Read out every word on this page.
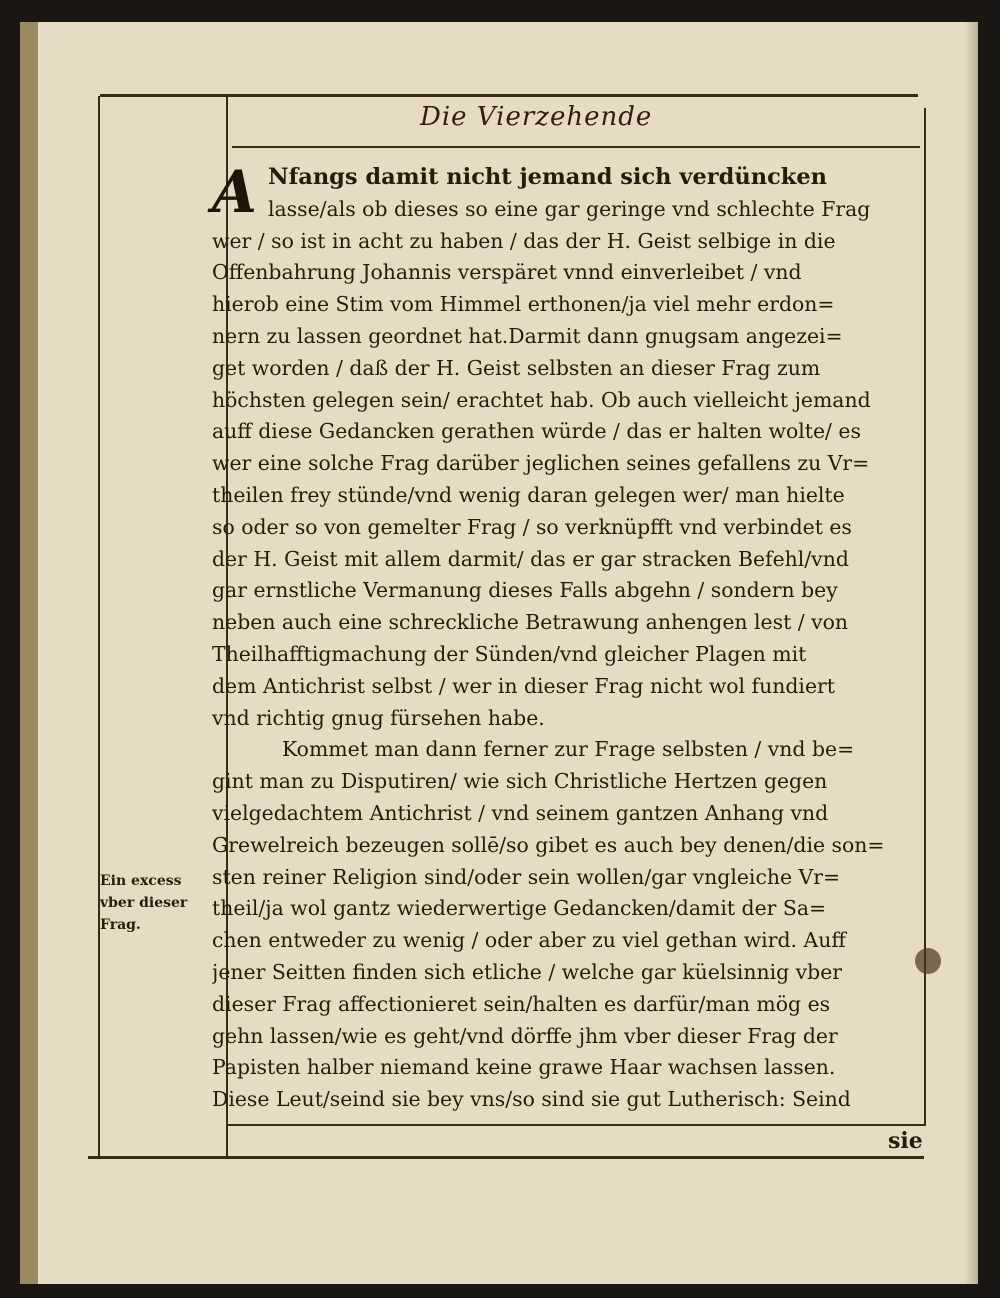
Die Vierzehende
A Nfangs damit nicht jemand sich verdüncken
lasse/als ob dieses so eine gar geringe vnd schlechte Frag
wer / so ist in acht zu haben / das der H. Geist selbige in die
Offenbahrung Johannis verspäret vnnd einverleibet / vnd
hierob eine Stim vom Himmel erthonen/ja viel mehr erdon=
nern zu lassen geordnet hat.Darmit dann gnugsam angezei=
get worden / daß der H. Geist selbsten an dieser Frag zum
höchsten gelegen sein/ erachtet hab. Ob auch vielleicht jemand
auff diese Gedancken gerathen würde / das er halten wolte/ es
wer eine solche Frag darüber jeglichen seines gefallens zu Vr=
theilen frey stünde/vnd wenig daran gelegen wer/ man hielte
so oder so von gemelter Frag / so verknüpfft vnd verbindet es
der H. Geist mit allem darmit/ das er gar stracken Befehl/vnd
gar ernstliche Vermanung dieses Falls abgehn / sondern bey
neben auch eine schreckliche Betrawung anhengen lest / von
Theilhafftigmachung der Sünden/vnd gleicher Plagen mit
dem Antichrist selbst / wer in dieser Frag nicht wol fundiert
vnd richtig gnug fürsehen habe.
Kommet man dann ferner zur Frage selbsten / vnd be=
gint man zu Disputiren/ wie sich Christliche Hertzen gegen
vielgedachtem Antichrist / vnd seinem gantzen Anhang vnd
Grewelreich bezeugen sollē/so gibet es auch bey denen/die son=
sten reiner Religion sind/oder sein wollen/gar vngleiche Vr=
theil/ja wol gantz wiederwertige Gedancken/damit der Sa=
chen entweder zu wenig / oder aber zu viel gethan wird. Auff
jener Seitten finden sich etliche / welche gar küelsinnig vber
dieser Frag affectionieret sein/halten es darfür/man mög es
gehn lassen/wie es geht/vnd dörffe jhm vber dieser Frag der
Papisten halber niemand keine grawe Haar wachsen lassen.
Diese Leut/seind sie bey vns/so sind sie gut Lutherisch: Seind
Ein excess
vber dieser
Frag.
sie
